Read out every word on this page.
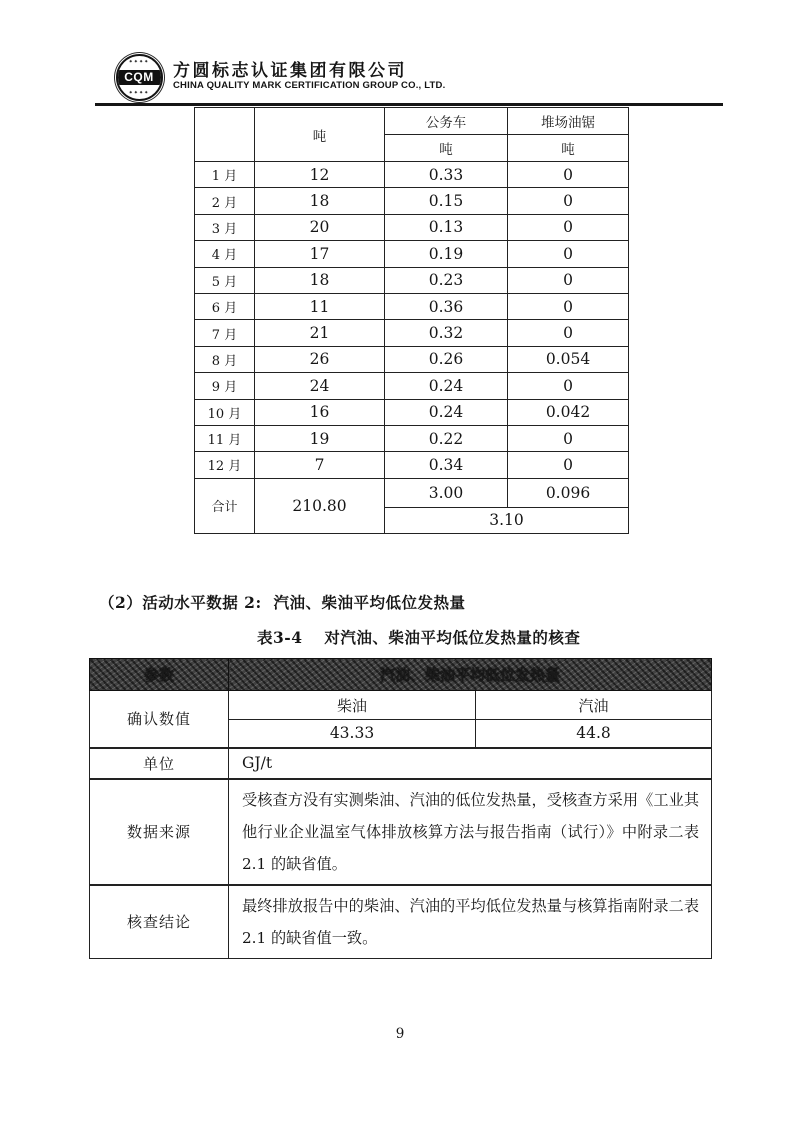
⁕⁕⁕⁕
CQM
⁕⁕⁕⁕
方圆标志认证集团有限公司
CHINA QUALITY MARK CERTIFICATION GROUP CO., LTD.
	吨	公务车	堆场油锯
		吨	吨
1 月	12	0.33	0
2 月	18	0.15	0
3 月	20	0.13	0
4 月	17	0.19	0
5 月	18	0.23	0
6 月	11	0.36	0
7 月	21	0.32	0
8 月	26	0.26	0.054
9 月	24	0.24	0
10 月	16	0.24	0.042
11 月	19	0.22	0
12 月	7	0.34	0
合计	210.80	3.00	0.096
		3.10	
（2）活动水平数据 2:  汽油、柴油平均低位发热量
表3-4　 对汽油、柴油平均低位发热量的核查
参数	汽油、柴油平均低位发热量	
确认数值	柴油	汽油
	43.33	44.8
单位	GJ/t	
数据来源	受核查方没有实测柴油、汽油的低位发热量，受核查方采用《工业其他行业企业温室气体排放核算方法与报告指南（试行）》中附录二表 2.1 的缺省值。	
核查结论	最终排放报告中的柴油、汽油的平均低位发热量与核算指南附录二表 2.1 的缺省值一致。	
9
